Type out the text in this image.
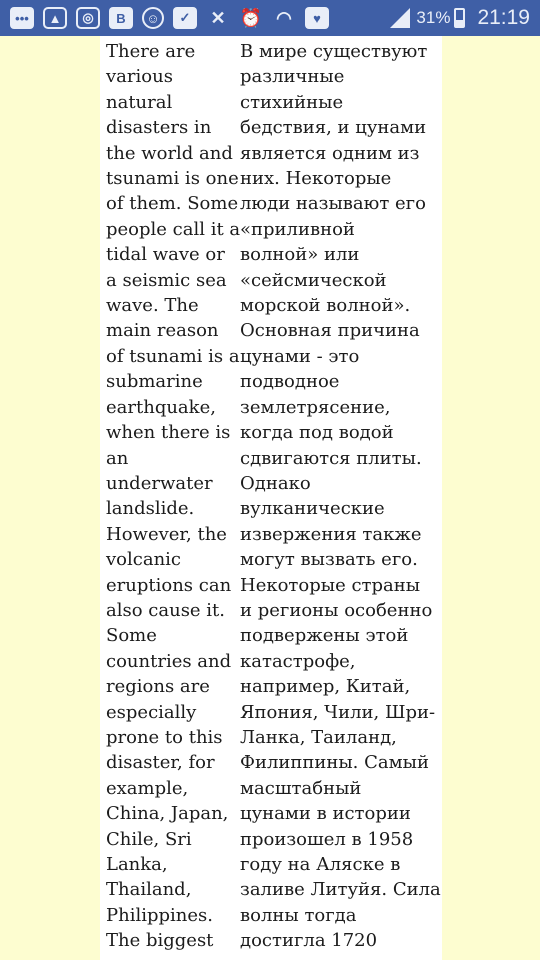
•••	▲	◎	B	☺	✓	✕ ⏰ ◠	♥	31% 21:19
There are
various
natural
disasters in
the world and
tsunami is one
of them. Some
people call it a
tidal wave or
a seismic sea
wave. The
main reason
of tsunami is a
submarine
earthquake,
when there is
an
underwater
landslide.
However, the
volcanic
eruptions can
also cause it.
Some
countries and
regions are
especially
prone to this
disaster, for
example,
China, Japan,
Chile, Sri
Lanka,
Thailand,
Philippines.
The biggest
В мире существуют
различные
стихийные
бедствия, и цунами
является одним из
них. Некоторые
люди называют его
«приливной
волной» или
«сейсмической
морской волной».
Основная причина
цунами - это
подводное
землетрясение,
когда под водой
сдвигаются плиты.
Однако
вулканические
извержения также
могут вызвать его.
Некоторые страны
и регионы особенно
подвержены этой
катастрофе,
например, Китай,
Япония, Чили, Шри-
Ланка, Таиланд,
Филиппины. Самый
масштабный
цунами в истории
произошел в 1958
году на Аляске в
заливе Литуйя. Сила
волны тогда
достигла 1720
